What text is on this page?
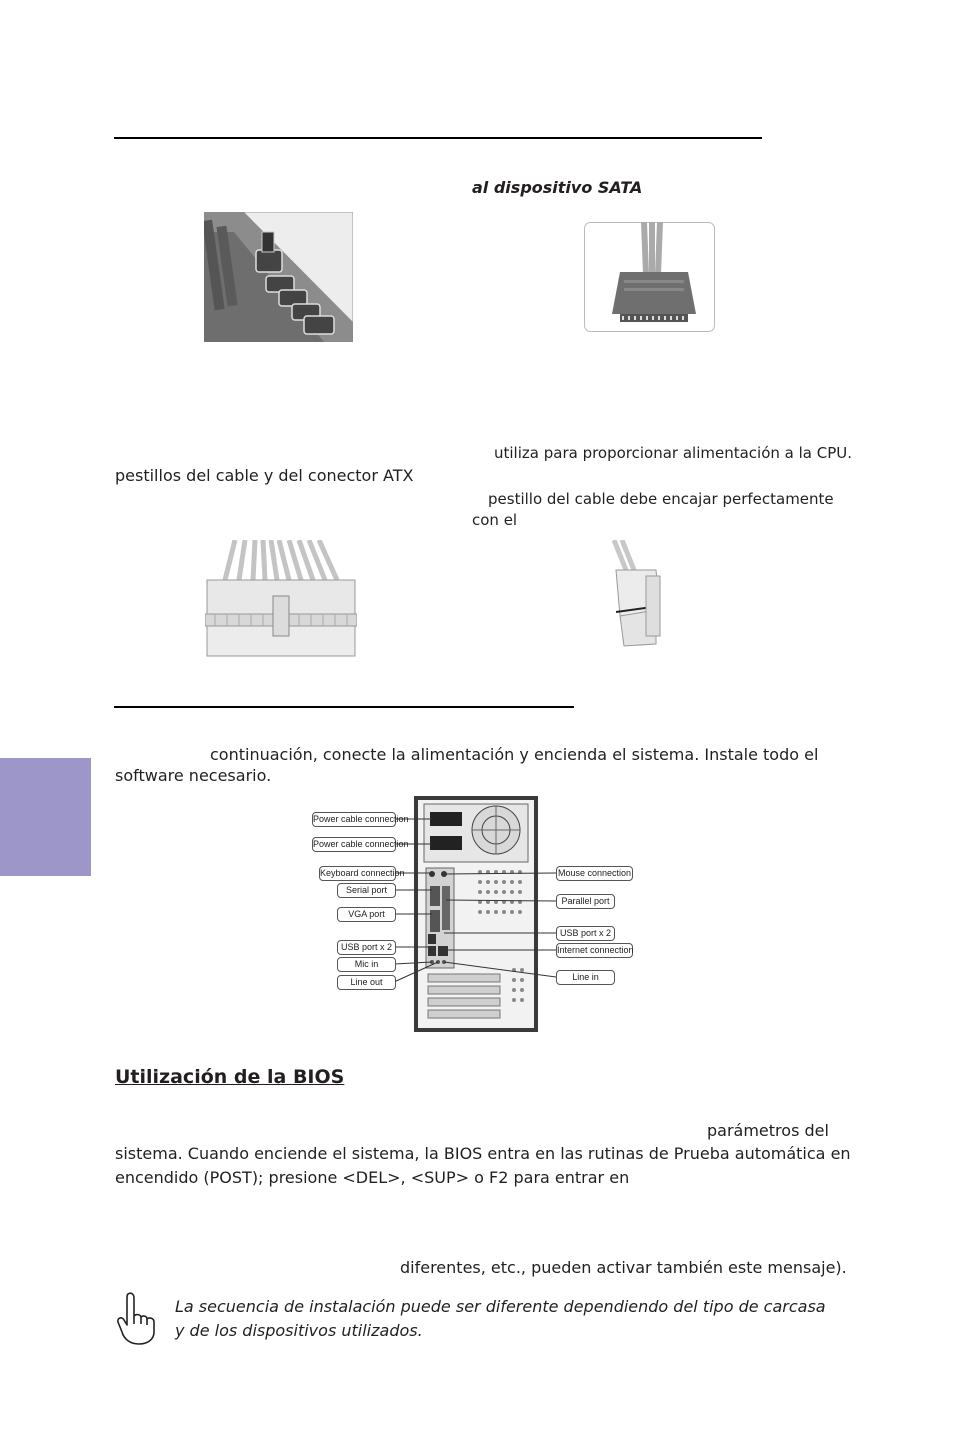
al dispositivo SATA
utiliza para proporcionar alimentación a la CPU.
pestillos del cable y del conector ATX
pestillo del cable debe encajar perfectamente
con el
continuación, conecte la alimentación y encienda el sistema. Instale todo el
software necesario.
Power cable connection
Power cable connection
Keyboard connection
Serial port
VGA port
USB port x 2
Mic in
Line out
Mouse connection
Parallel port
USB port x 2
Internet connection
Line in
Utilización de la BIOS
parámetros del
sistema. Cuando enciende el sistema, la BIOS entra en las rutinas de Prueba automática en
encendido (POST); presione <DEL>, <SUP> o F2 para entrar en
diferentes, etc., pueden activar también este mensaje).
La secuencia de instalación puede ser diferente dependiendo del tipo de carcasa
y de los dispositivos utilizados.
